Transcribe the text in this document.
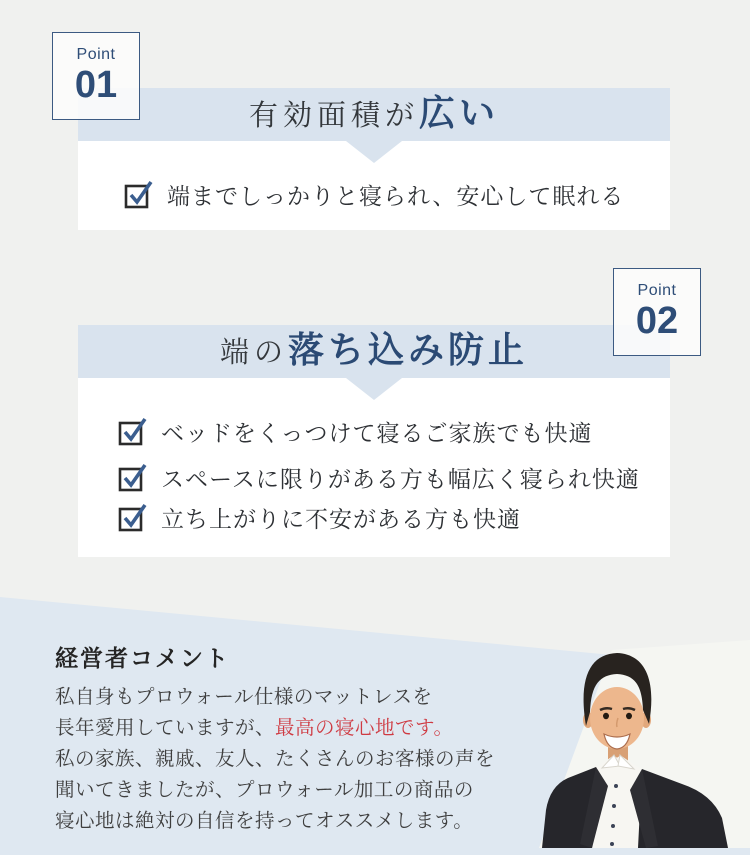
Point
01
有効面積が広い
端までしっかりと寝られ、安心して眠れる
Point
02
端の落ち込み防止
ベッドをくっつけて寝るご家族でも快適
スペースに限りがある方も幅広く寝られ快適
立ち上がりに不安がある方も快適
経営者コメント
私自身もプロウォール仕様のマットレスを
長年愛用していますが、最高の寝心地です。
私の家族、親戚、友人、たくさんのお客様の声を
聞いてきましたが、プロウォール加工の商品の
寝心地は絶対の自信を持ってオススメします。
